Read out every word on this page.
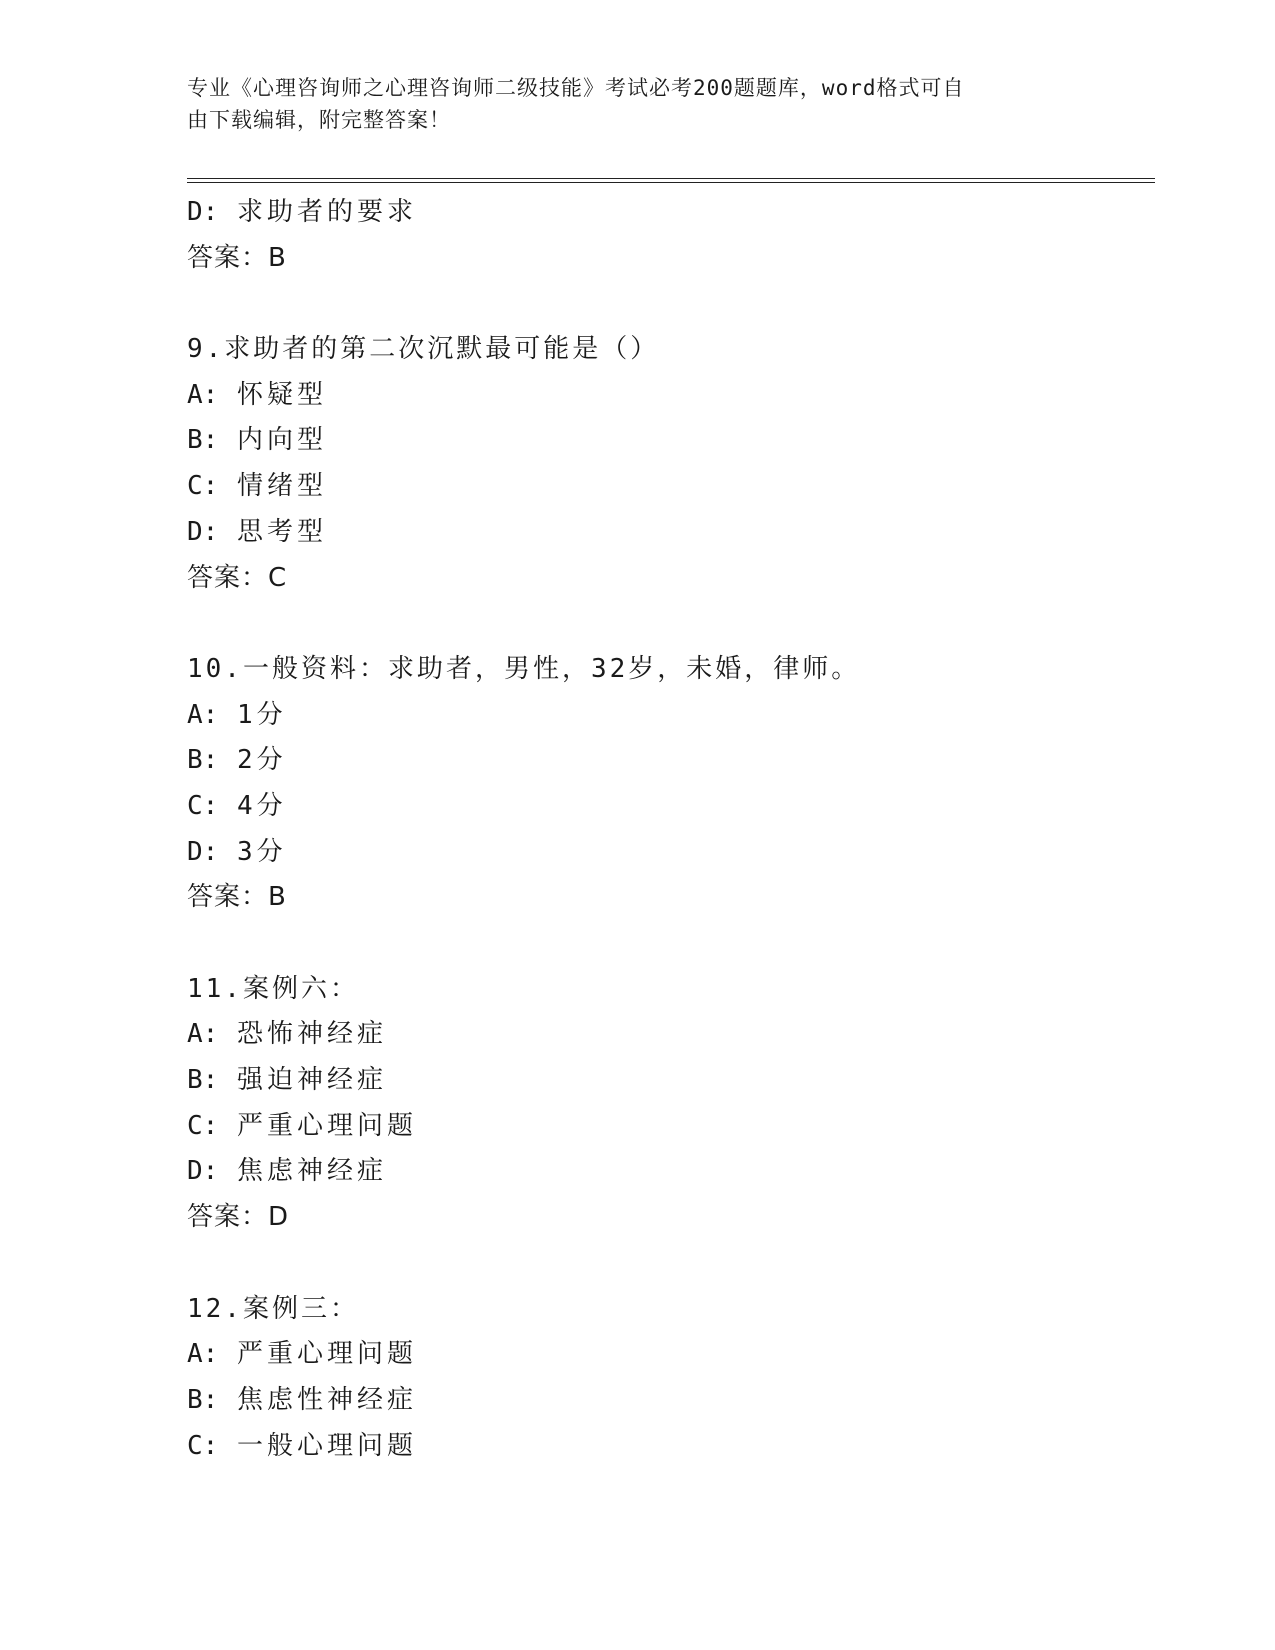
专业《心理咨询师之心理咨询师二级技能》考试必考200题题库，word格式可自
由下载编辑，附完整答案！
D: 求助者的要求
答案：B
9.求助者的第二次沉默最可能是（）
A: 怀疑型
B: 内向型
C: 情绪型
D: 思考型
答案：C
10.一般资料：求助者，男性，32岁，未婚，律师。
A: 1分
B: 2分
C: 4分
D: 3分
答案：B
11.案例六：
A: 恐怖神经症
B: 强迫神经症
C: 严重心理问题
D: 焦虑神经症
答案：D
12.案例三：
A: 严重心理问题
B: 焦虑性神经症
C: 一般心理问题
